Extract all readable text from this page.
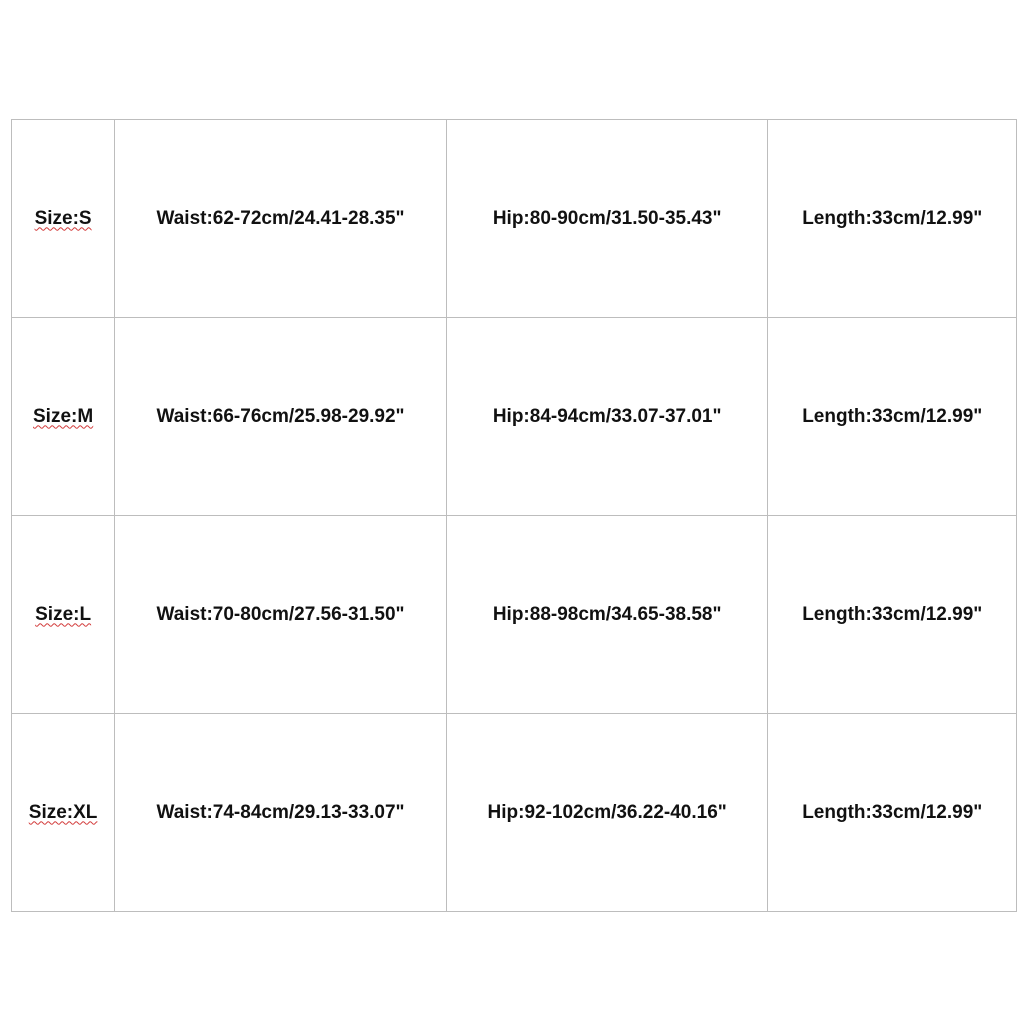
Size:S	Waist:62-72cm/24.41-28.35"	Hip:80-90cm/31.50-35.43"	Length:33cm/12.99"
Size:M	Waist:66-76cm/25.98-29.92"	Hip:84-94cm/33.07-37.01"	Length:33cm/12.99"
Size:L	Waist:70-80cm/27.56-31.50"	Hip:88-98cm/34.65-38.58"	Length:33cm/12.99"
Size:XL	Waist:74-84cm/29.13-33.07"	Hip:92-102cm/36.22-40.16"	Length:33cm/12.99"
